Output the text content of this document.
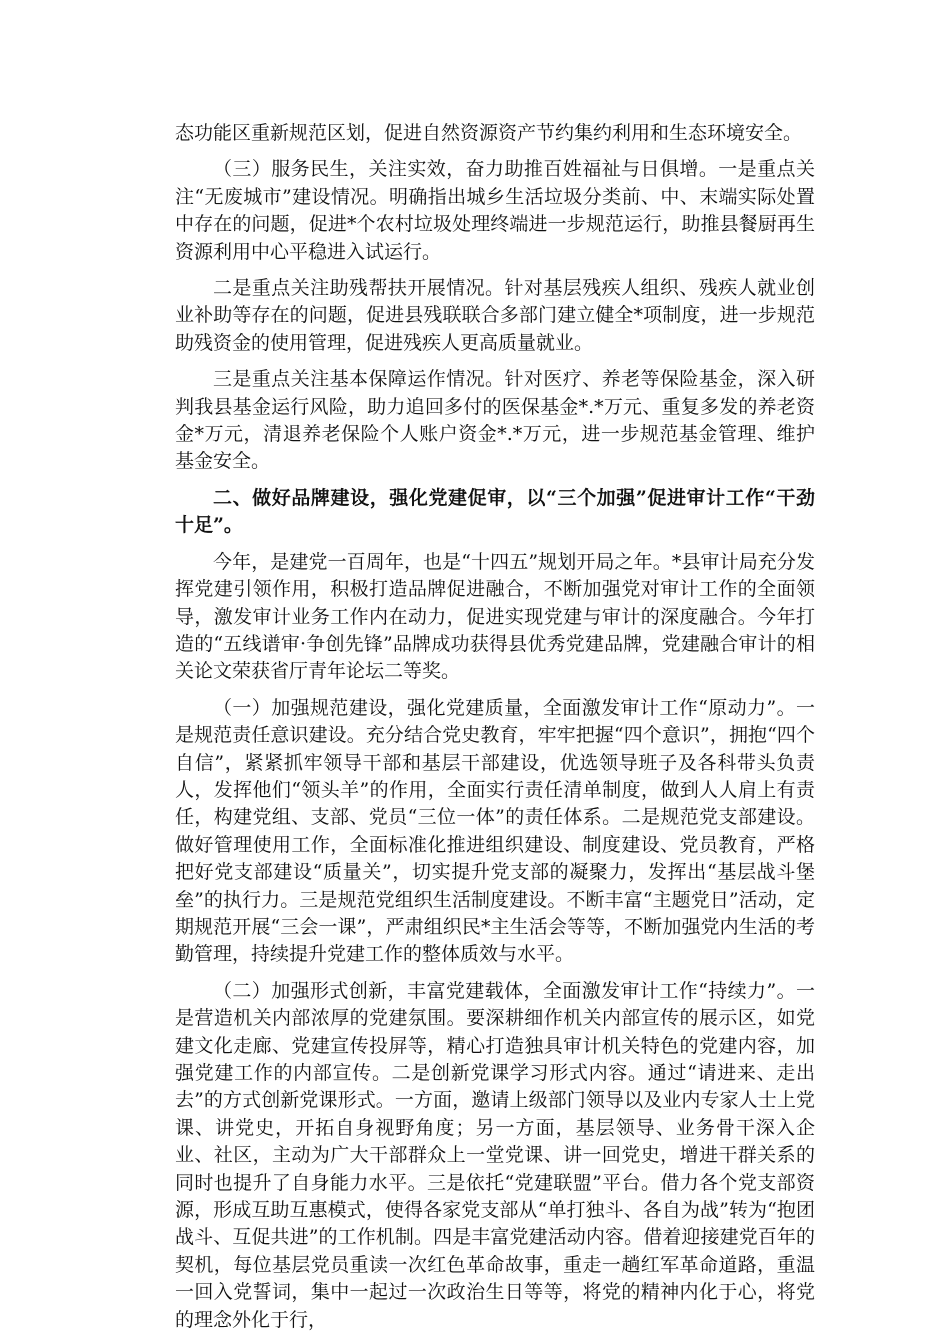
态功能区重新规范区划，促进自然资源资产节约集约利用和生态环境安全。

（三）服务民生，关注实效，奋力助推百姓福祉与日俱增。一是重点关注“无废城市”建设情况。明确指出城乡生活垃圾分类前、中、末端实际处置中存在的问题，促进*个农村垃圾处理终端进一步规范运行，助推县餐厨再生资源利用中心平稳进入试运行。

二是重点关注助残帮扶开展情况。针对基层残疾人组织、残疾人就业创业补助等存在的问题，促进县残联联合多部门建立健全*项制度，进一步规范助残资金的使用管理，促进残疾人更高质量就业。

三是重点关注基本保障运作情况。针对医疗、养老等保险基金，深入研判我县基金运行风险，助力追回多付的医保基金*.*万元、重复多发的养老资金*万元，清退养老保险个人账户资金*.*万元，进一步规范基金管理、维护基金安全。

二、做好品牌建设，强化党建促审，以“三个加强”促进审计工作“干劲十足”。

今年，是建党一百周年，也是“十四五”规划开局之年。*县审计局充分发挥党建引领作用，积极打造品牌促进融合，不断加强党对审计工作的全面领导，激发审计业务工作内在动力，促进实现党建与审计的深度融合。今年打造的“五线谱审·争创先锋”品牌成功获得县优秀党建品牌，党建融合审计的相关论文荣获省厅青年论坛二等奖。

（一）加强规范建设，强化党建质量，全面激发审计工作“原动力”。一是规范责任意识建设。充分结合党史教育，牢牢把握“四个意识”，拥抱“四个自信”，紧紧抓牢领导干部和基层干部建设，优选领导班子及各科带头负责人，发挥他们“领头羊”的作用，全面实行责任清单制度，做到人人肩上有责任，构建党组、支部、党员“三位一体”的责任体系。二是规范党支部建设。做好管理使用工作，全面标准化推进组织建设、制度建设、党员教育，严格把好党支部建设“质量关”，切实提升党支部的凝聚力，发挥出“基层战斗堡垒”的执行力。三是规范党组织生活制度建设。不断丰富“主题党日”活动，定期规范开展“三会一课”，严肃组织民*主生活会等等，不断加强党内生活的考勤管理，持续提升党建工作的整体质效与水平。

（二）加强形式创新，丰富党建载体，全面激发审计工作“持续力”。一是营造机关内部浓厚的党建氛围。要深耕细作机关内部宣传的展示区，如党建文化走廊、党建宣传投屏等，精心打造独具审计机关特色的党建内容，加强党建工作的内部宣传。二是创新党课学习形式内容。通过“请进来、走出去”的方式创新党课形式。一方面，邀请上级部门领导以及业内专家人士上党课、讲党史，开拓自身视野角度；另一方面，基层领导、业务骨干深入企业、社区，主动为广大干部群众上一堂党课、讲一回党史，增进干群关系的同时也提升了自身能力水平。三是依托“党建联盟”平台。借力各个党支部资源，形成互助互惠模式，使得各家党支部从“单打独斗、各自为战”转为“抱团战斗、互促共进”的工作机制。四是丰富党建活动内容。借着迎接建党百年的契机，每位基层党员重读一次红色革命故事，重走一趟红军革命道路，重温一回入党誓词，集中一起过一次政治生日等等，将党的精神内化于心，将党的理念外化于行，
